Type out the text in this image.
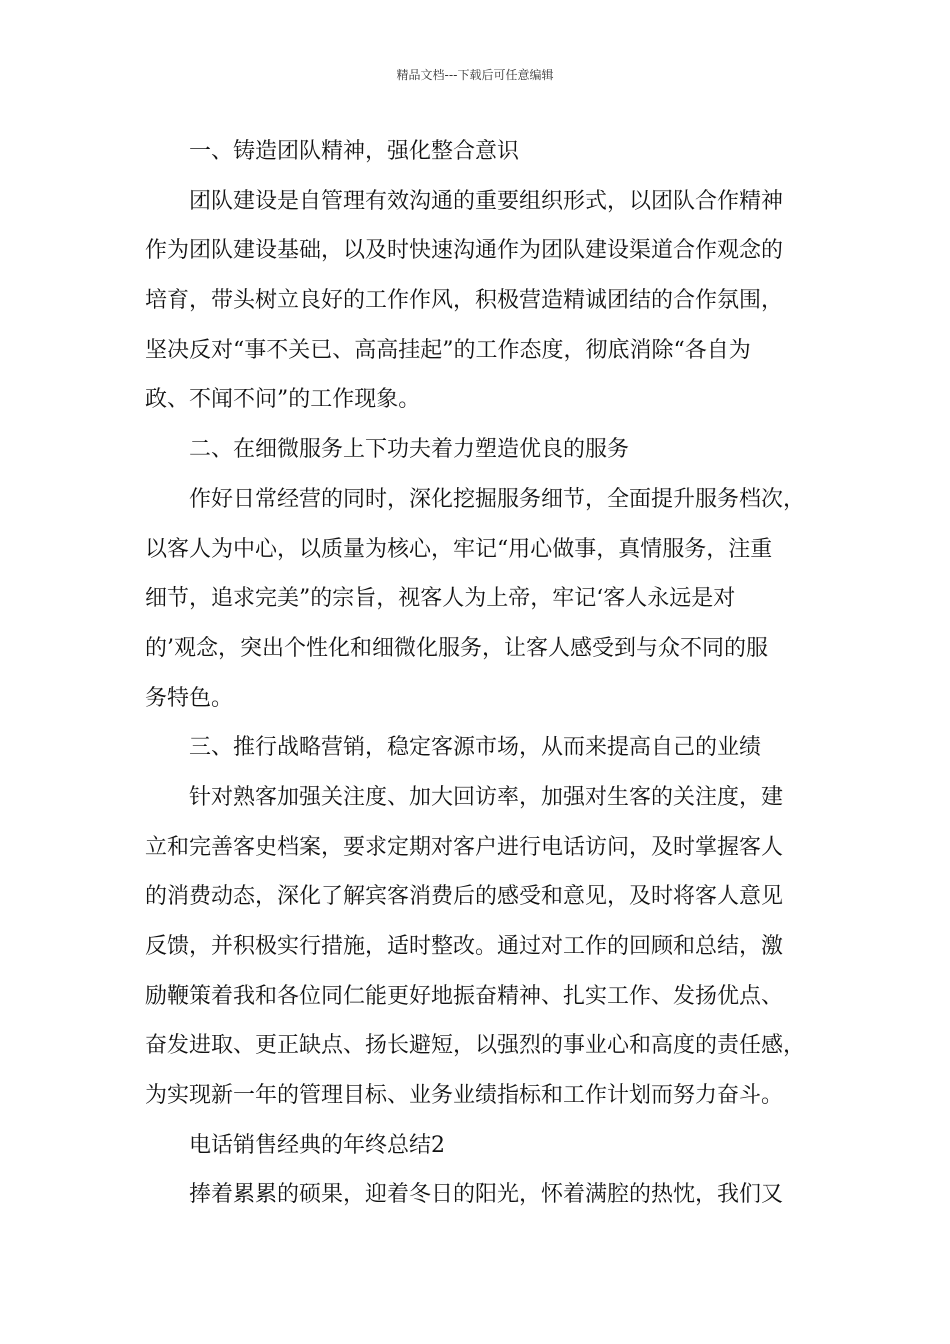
精品文档---下载后可任意编辑
一、铸造团队精神，强化整合意识
团队建设是自管理有效沟通的重要组织形式，以团队合作精神
作为团队建设基础，以及时快速沟通作为团队建设渠道合作观念的
培育，带头树立良好的工作作风，积极营造精诚团结的合作氛围，
坚决反对“事不关已、高高挂起”的工作态度，彻底消除“各自为
政、不闻不问”的工作现象。
二、在细微服务上下功夫着力塑造优良的服务
作好日常经营的同时，深化挖掘服务细节，全面提升服务档次，
以客人为中心，以质量为核心，牢记“用心做事，真情服务，注重
细节，追求完美”的宗旨，视客人为上帝，牢记‘客人永远是对
的’观念，突出个性化和细微化服务，让客人感受到与众不同的服
务特色。
三、推行战略营销，稳定客源市场，从而来提高自己的业绩
针对熟客加强关注度、加大回访率，加强对生客的关注度，建
立和完善客史档案，要求定期对客户进行电话访问，及时掌握客人
的消费动态，深化了解宾客消费后的感受和意见，及时将客人意见
反馈，并积极实行措施，适时整改。通过对工作的回顾和总结，激
励鞭策着我和各位同仁能更好地振奋精神、扎实工作、发扬优点、
奋发进取、更正缺点、扬长避短，以强烈的事业心和高度的责任感，
为实现新一年的管理目标、业务业绩指标和工作计划而努力奋斗。
电话销售经典的年终总结2
捧着累累的硕果，迎着冬日的阳光，怀着满腔的热忱，我们又
